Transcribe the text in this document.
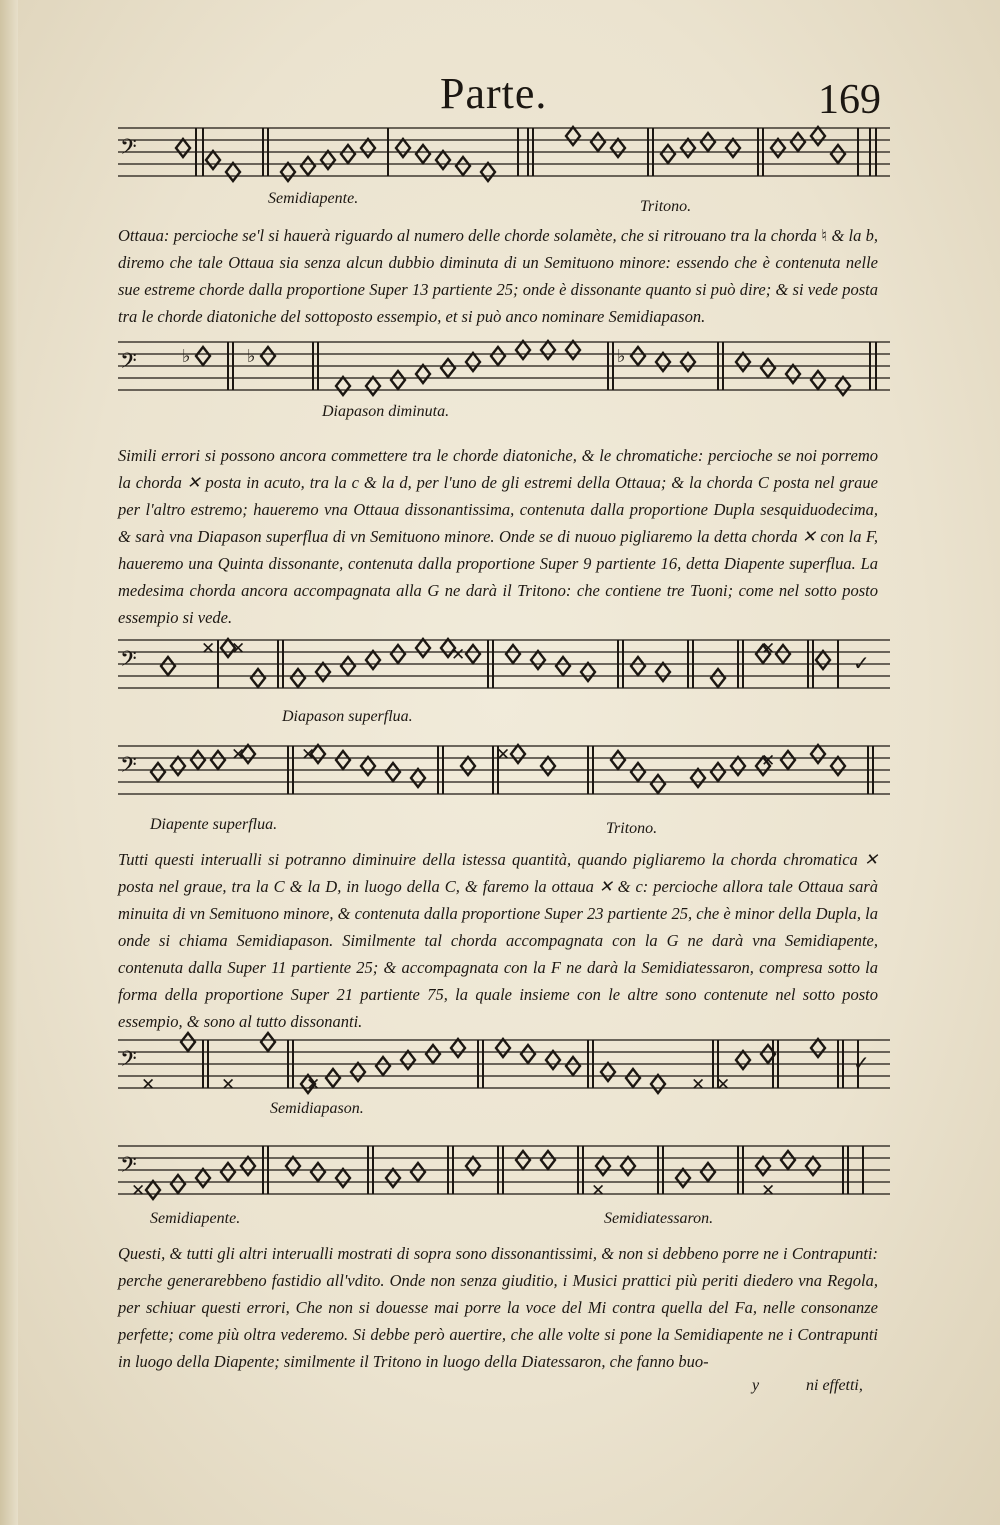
Parte.	169
𝄢
Semidiapente.	Tritono.
Ottaua: percioche se'l si hauerà riguardo al numero delle chorde solamète, che si ritrouano tra la chorda ♮ & la b, diremo che tale Ottaua sia senza alcun dubbio diminuta di un Semituono minore: essendo che è contenuta nelle sue estreme chorde dalla proportione Super 13 partiente 25; onde è dissonante quanto si può dire; & si vede posta tra le chorde diatoniche del sottoposto essempio, et si può anco nominare Semidiapason.
𝄢	♭	♭	♭
Diapason diminuta.
Simili errori si possono ancora commettere tra le chorde diatoniche, & le chromatiche: percioche se noi porremo la chorda ✕ posta in acuto, tra la c & la d, per l'uno de gli estremi della Ottaua; & la chorda C posta nel graue per l'altro estremo; haueremo vna Ottaua dissonantissima, contenuta dalla proportione Dupla sesquiduodecima, & sarà vna Diapason superflua di vn Semituono minore. Onde se di nuouo pigliaremo la detta chorda ✕ con la F, haueremo una Quinta dissonante, contenuta dalla proportione Super 9 partiente 16, detta Diapente superflua. La medesima chorda ancora accompagnata alla G ne darà il Tritono: che contiene tre Tuoni; come nel sotto posto essempio si vede.
𝄢	✕ ✕	✕	✕
✓
Diapason superflua.
𝄢	✕	✕	✕	✕
Diapente superflua.	Tritono.
Tutti questi interualli si potranno diminuire della istessa quantità, quando pigliaremo la chorda chromatica ✕ posta nel graue, tra la C & la D, in luogo della C, & faremo la ottaua ✕ & c: percioche allora tale Ottaua sarà minuita di vn Semituono minore, & contenuta dalla proportione Super 23 partiente 25, che è minor della Dupla, la onde si chiama Semidiapason. Similmente tal chorda accompagnata con la G ne darà vna Semidiapente, contenuta dalla Super 11 partiente 25; & accompagnata con la F ne darà la Semidiatessaron, compresa sotto la forma della proportione Super 21 partiente 75, la quale insieme con le altre sono contenute nel sotto posto essempio, & sono al tutto dissonanti.
𝄢
✕	✕	✕	✕ ✕
✓
Semidiapason.
𝄢
✕	✕	✕
Semidiapente.	Semidiatessaron.
Questi, & tutti gli altri interualli mostrati di sopra sono dissonantissimi, & non si debbeno porre ne i Contrapunti: perche generarebbeno fastidio all'vdito. Onde non senza giuditio, i Musici prattici più periti diedero vna Regola, per schiuar questi errori, Che non si douesse mai porre la voce del Mi contra quella del Fa, nelle consonanze perfette; come più oltra vederemo. Si debbe però auertire, che alle volte si pone la Semidiapente ne i Contrapunti in luogo della Diapente; similmente il Tritono in luogo della Diatessaron, che fanno buo-
y	ni effetti,
